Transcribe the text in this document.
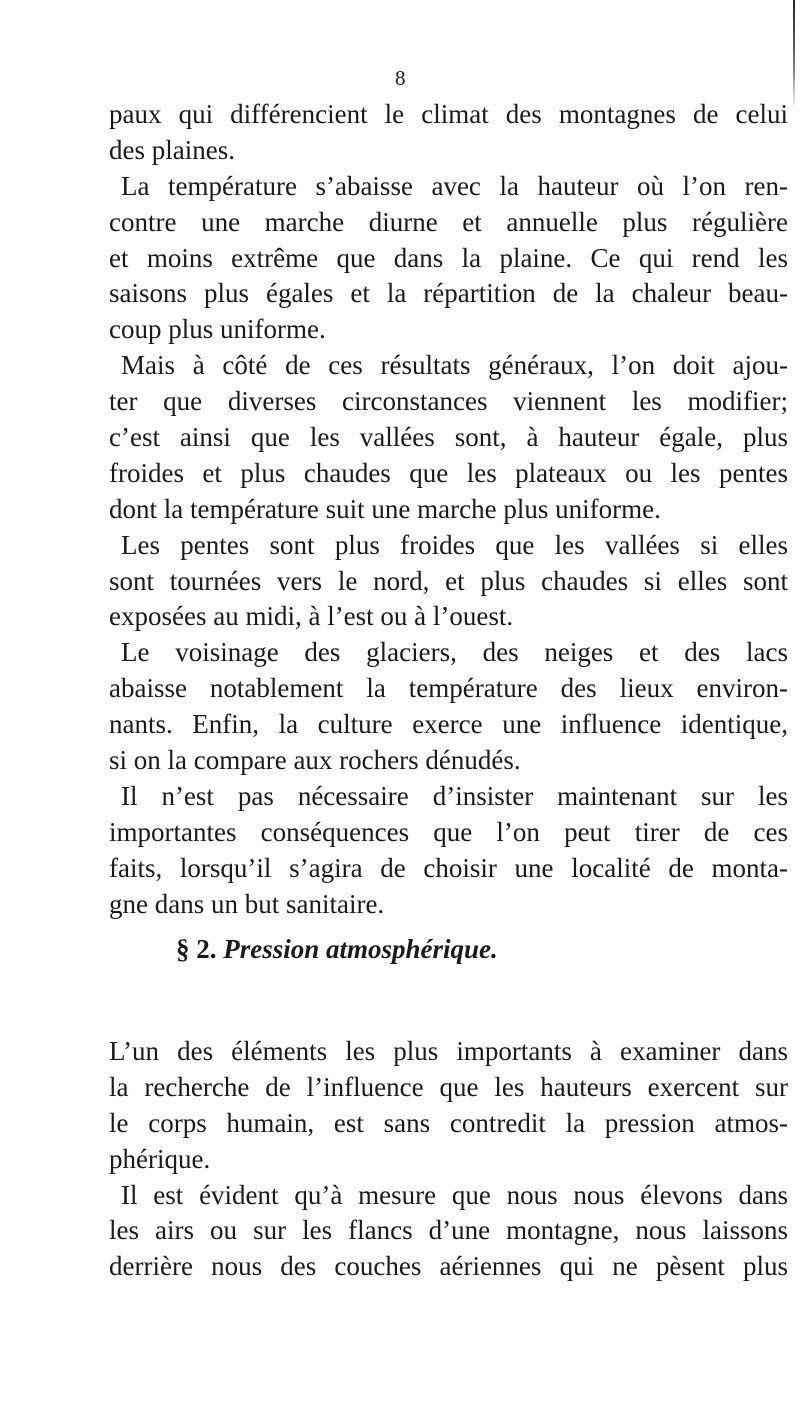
8
paux qui différencient le climat des montagnes de celui
des plaines.
La température s’abaisse avec la hauteur où l’on ren-
contre une marche diurne et annuelle plus régulière
et moins extrême que dans la plaine. Ce qui rend les
saisons plus égales et la répartition de la chaleur beau-
coup plus uniforme.
Mais à côté de ces résultats généraux, l’on doit ajou-
ter que diverses circonstances viennent les modifier;
c’est ainsi que les vallées sont, à hauteur égale, plus
froides et plus chaudes que les plateaux ou les pentes
dont la température suit une marche plus uniforme.
Les pentes sont plus froides que les vallées si elles
sont tournées vers le nord, et plus chaudes si elles sont
exposées au midi, à l’est ou à l’ouest.
Le voisinage des glaciers, des neiges et des lacs
abaisse notablement la température des lieux environ-
nants. Enfin, la culture exerce une influence identique,
si on la compare aux rochers dénudés.
Il n’est pas nécessaire d’insister maintenant sur les
importantes conséquences que l’on peut tirer de ces
faits, lorsqu’il s’agira de choisir une localité de monta-
gne dans un but sanitaire.
§ 2. Pression atmosphérique.
L’un des éléments les plus importants à examiner dans
la recherche de l’influence que les hauteurs exercent sur
le corps humain, est sans contredit la pression atmos-
phérique.
Il est évident qu’à mesure que nous nous élevons dans
les airs ou sur les flancs d’une montagne, nous laissons
derrière nous des couches aériennes qui ne pèsent plus
